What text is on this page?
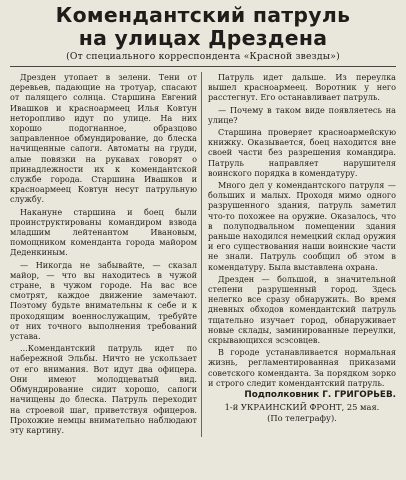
Комендантский патруль
на улицах Дрездена
(От специального корреспондента «Красной звезды»)

Дрезден утопает в зелени. Тени от деревьев, падающие на тротуар, спасают от палящего солнца. Старшина Евгений Ивашков и красноармеец Илья Ковтун неторопливо идут по улице. На них хорошо подогнанное, образцово заправленное обмундирование, до блеска начищенные сапоги. Автоматы на груди, алые повязки на рукавах говорят о принадлежности их к комендантской службе города. Старшина Ивашков и красноармеец Ковтун несут патрульную службу.

Накануне старшина и боец были проинструктированы командиром взвода младшим лейтенантом Ивановым, помощником коменданта города майором Деденкиным.

— Никогда не забывайте, — сказал майор, — что вы находитесь в чужой стране, в чужом городе. На вас все смотрят, каждое движение замечают. Поэтому будьте внимательны к себе и к проходящим военнослужащим, требуйте от них точного выполнения требований устава.

...Комендантский патруль идет по набережной Эльбы. Ничто не ускользает от его внимания. Вот идут два офицера. Они имеют молодцеватый вид. Обмундирование сидит хорошо, сапоги начищены до блеска. Патруль переходит на строевой шаг, приветствуя офицеров. Прохожие немцы внимательно наблюдают эту картину.

Патруль идет дальше. Из переулка вышел красноармеец. Воротник у него расстегнут. Его останавливает патруль.

— Почему в таком виде появляетесь на улице?

Старшина проверяет красноармейскую книжку. Оказывается, боец находится вне своей части без разрешения командира. Патруль направляет нарушителя воинского порядка в комендатуру.

Много дел у комендантского патруля — больших и малых. Проходя мимо одного разрушенного здания, патруль заметил что-то похожее на оружие. Оказалось, что в полуподвальном помещении здания раньше находился немецкий склад оружия и его существования наши воинские части не знали. Патруль сообщил об этом в комендатуру. Была выставлена охрана.

Дрезден — большой, в значительной степени разрушенный город. Здесь нелегко все сразу обнаружить. Во время дневных обходов комендантский патруль тщательно изучает город, обнаруживает новые склады, заминированные переулки, скрывающихся эсэсовцев.

В городе устанавливается нормальная жизнь, регламентированная приказами советского коменданта. За порядком зорко и строго следит комендантский патруль.

Подполковник Г. ГРИГОРЬЕВ.

1-й УКРАИНСКИЙ ФРОНТ, 25 мая.

(По телеграфу).
